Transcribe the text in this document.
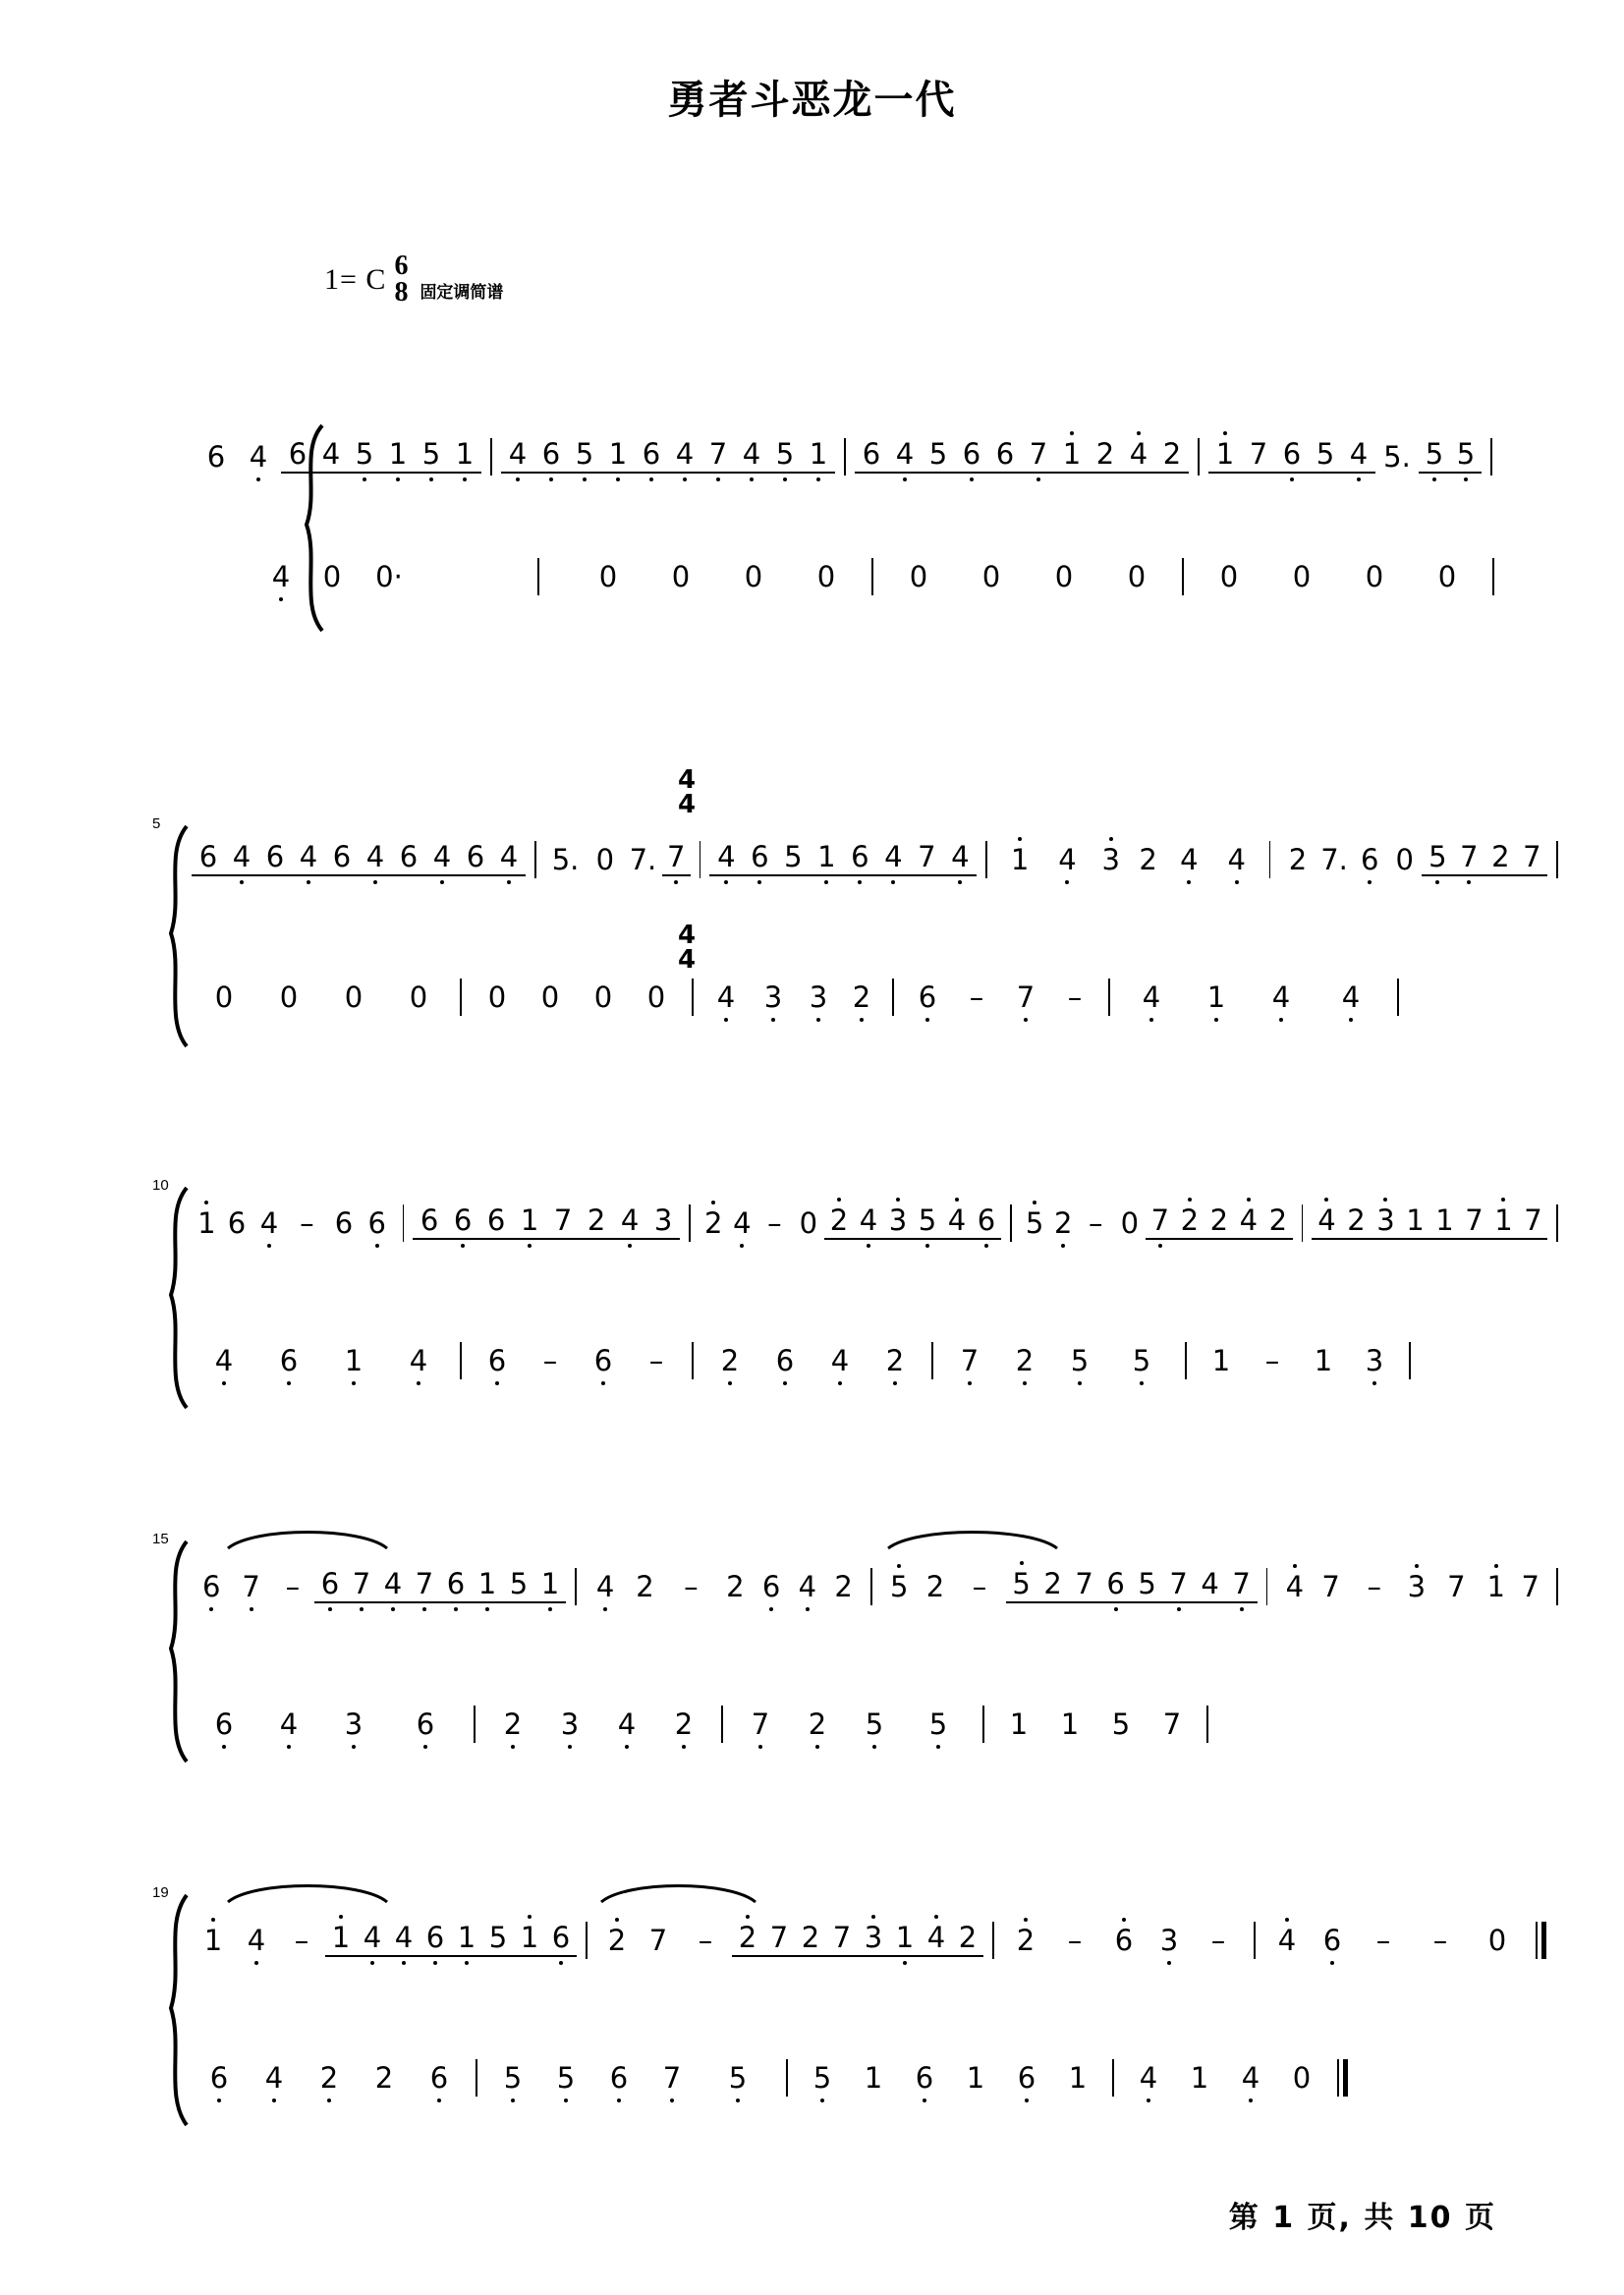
勇者斗恶龙一代
1= C 6
8 固定调简谱
6 4 6 4 5 1 5 1 4 6 5 1 6 4 7 4 5 1 6 4 5 6 6 7 1 2 4 2 1 7 6 5 4 5. 5 5
4	0	0·	0	0	0	0	0	0	0	0	0	0	0	0
5
4
4
4
4
6 4 6 4 6 4 6 4 6 4 5. 0 7. 7 4 6 5 1 6 4 7 4	1	4 3 2 4	4	2 7. 6 0 5 7 2 7
0	0	0	0	0	0	0	0	4	3 3 2	6	–	7	–	4	1	4	4
10
1 6 4 – 6 6 6 6 6 1 7 2 4 3 2 4 – 0 2 4 3 5 4 6 5 2 – 0 7 2 2 4 2 4 2 3 1 1 7 1 7
4	6	1	4	6	–	6	–	2	6	4	2	7	2	5	5	1	–	1	3
15
6 7 – 6 7 4 7 6 1 5 1	4 2	– 2 6 4 2	5 2 – 5 2 7 6 5 7 4 7	4 7 – 3 7 1 7
6	4	3	6	2	3	4	2	7	2	5	5	1	1	5	7
19
1 4	– 1 4 4 6 1 5 1 6	2 7	– 2 7 2 7 3 1 4 2	2	–	6 3	–	4 6	–	–	0
6	4	2	2	6	5	5	6	7	5	5	1	6	1	6	1	4	1	4	0
第 1 页, 共 10 页
